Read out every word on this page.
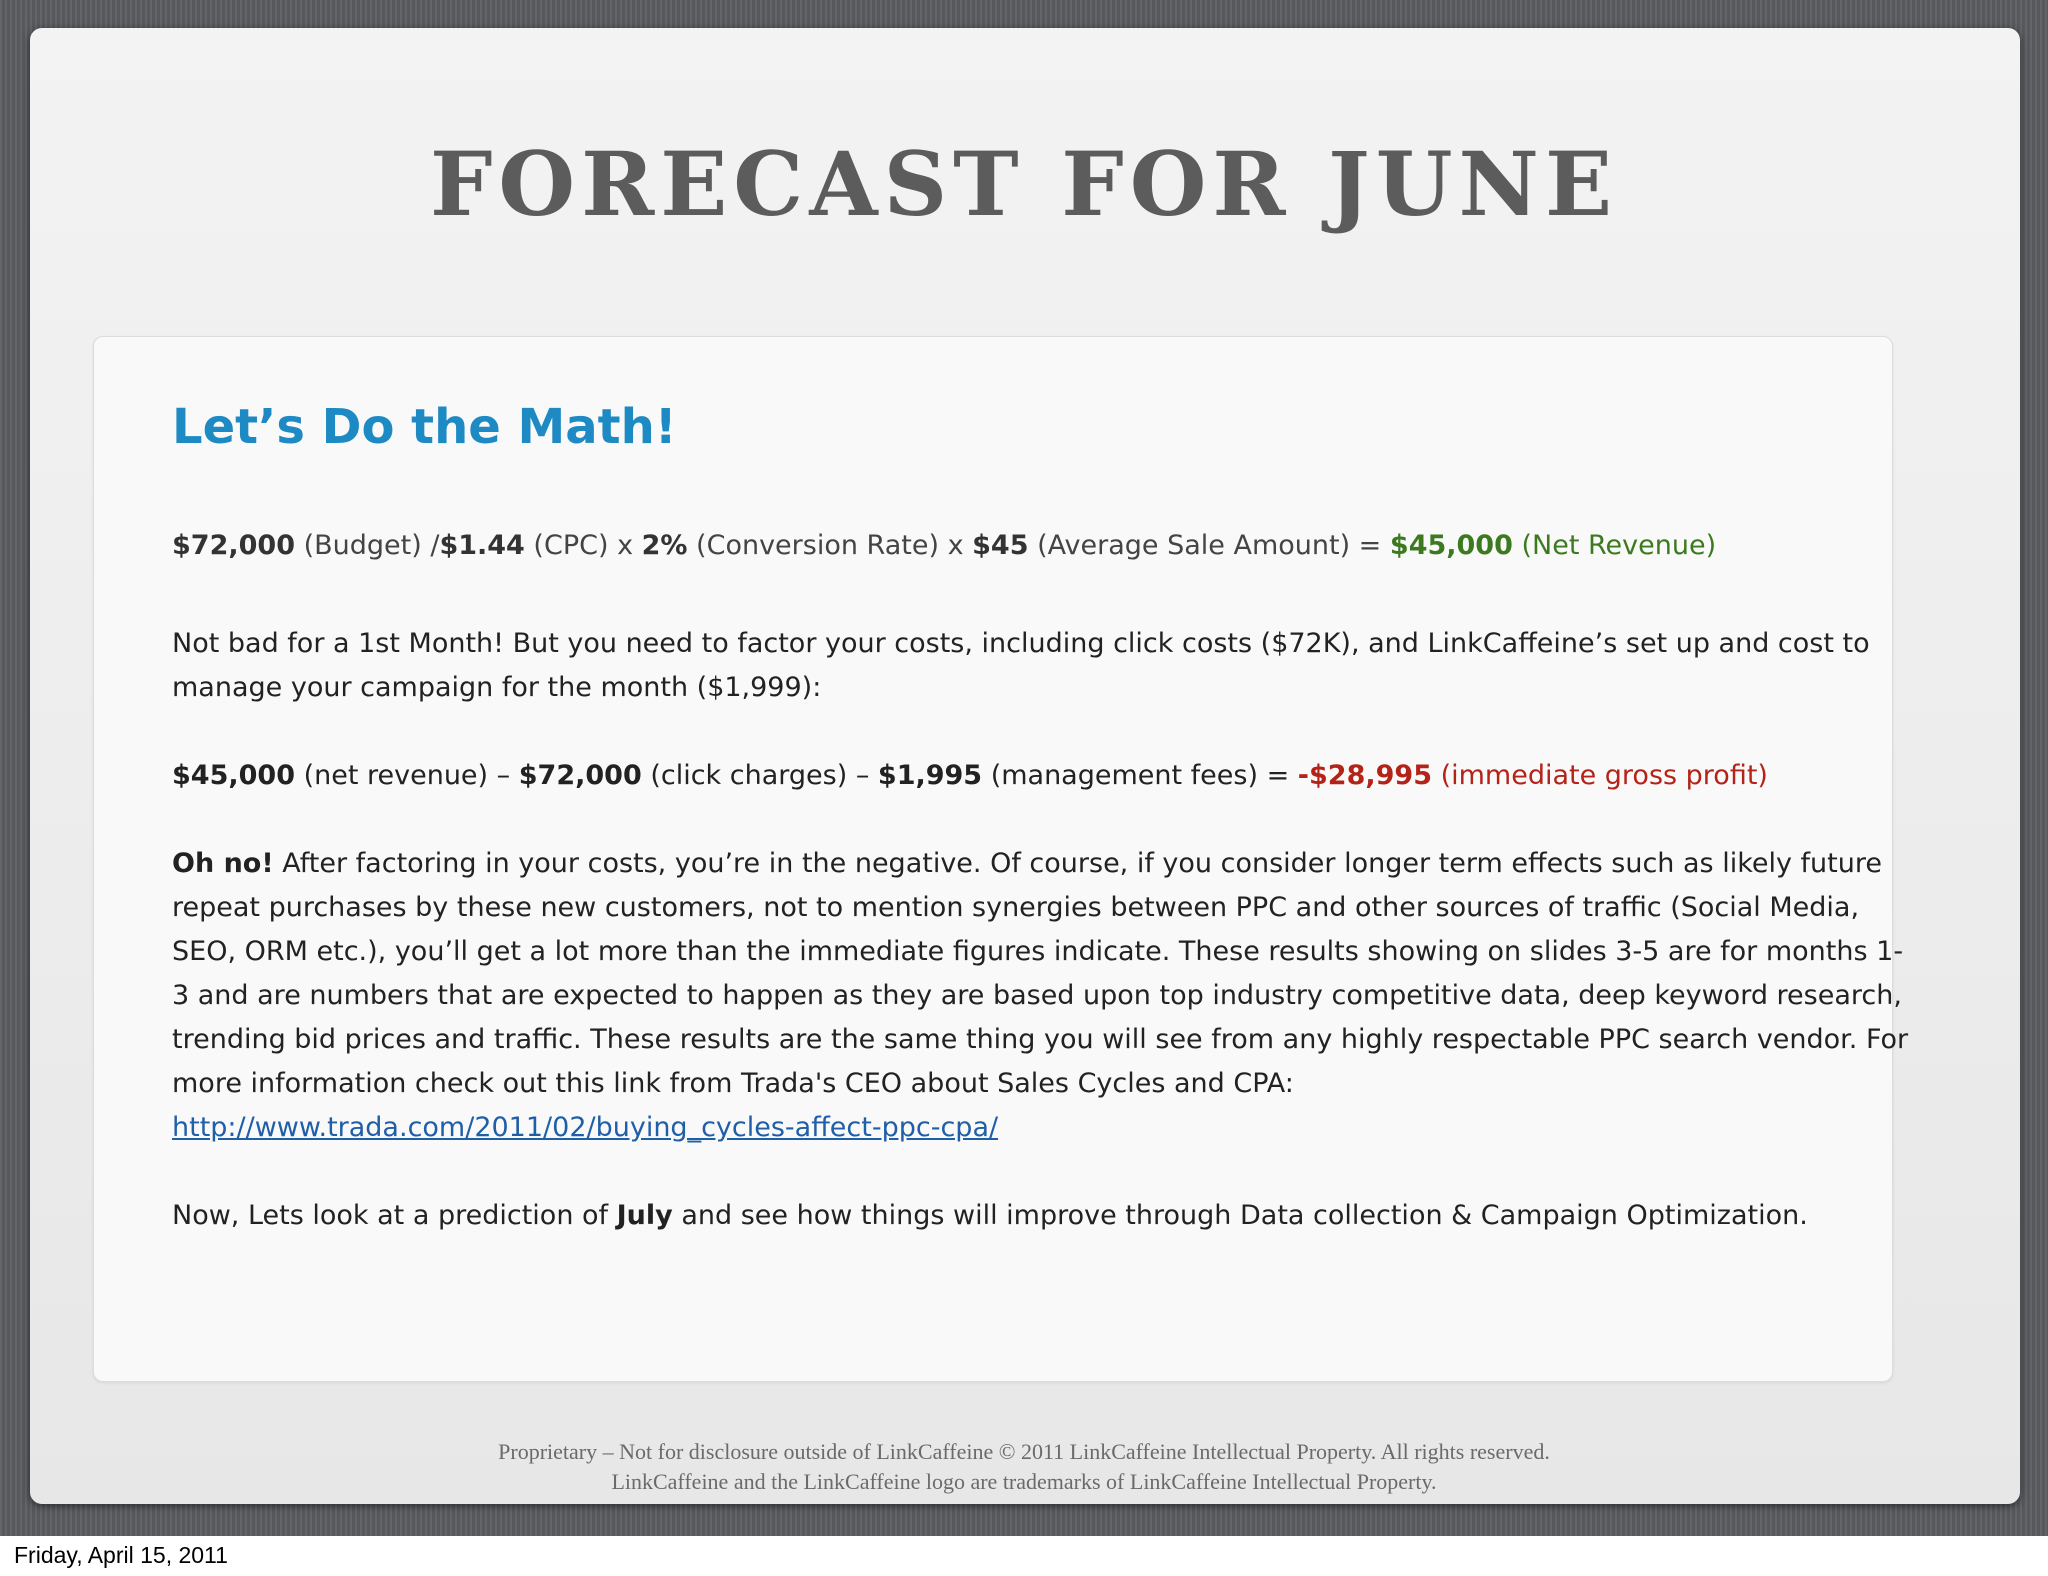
FORECAST FOR JUNE
Let’s Do the Math!

$72,000 (Budget) /$1.44 (CPC) x 2% (Conversion Rate) x $45 (Average Sale Amount) = $45,000 (Net Revenue)

Not bad for a 1st Month! But you need to factor your costs, including click costs ($72K), and LinkCaffeine’s set up and cost to manage your campaign for the month ($1,999):

$45,000 (net revenue) – $72,000 (click charges) – $1,995 (management fees) = -$28,995 (immediate gross profit)

Oh no! After factoring in your costs, you’re in the negative. Of course, if you consider longer term effects such as likely future repeat purchases by these new customers, not to mention synergies between PPC and other sources of traffic (Social Media, SEO, ORM etc.), you’ll get a lot more than the immediate figures indicate. These results showing on slides 3-5 are for months 1-3 and are numbers that are expected to happen as they are based upon top industry competitive data, deep keyword research, trending bid prices and traffic. These results are the same thing you will see from any highly respectable PPC search vendor. For more information check out this link from Trada's CEO about Sales Cycles and CPA: http://www.trada.com/2011/02/buying_cycles-affect-ppc-cpa/

Now, Lets look at a prediction of July and see how things will improve through Data collection & Campaign Optimization.

Proprietary – Not for disclosure outside of LinkCaffeine © 2011 LinkCaffeine Intellectual Property. All rights reserved.

LinkCaffeine and the LinkCaffeine logo are trademarks of LinkCaffeine Intellectual Property.

Friday, April 15, 2011
